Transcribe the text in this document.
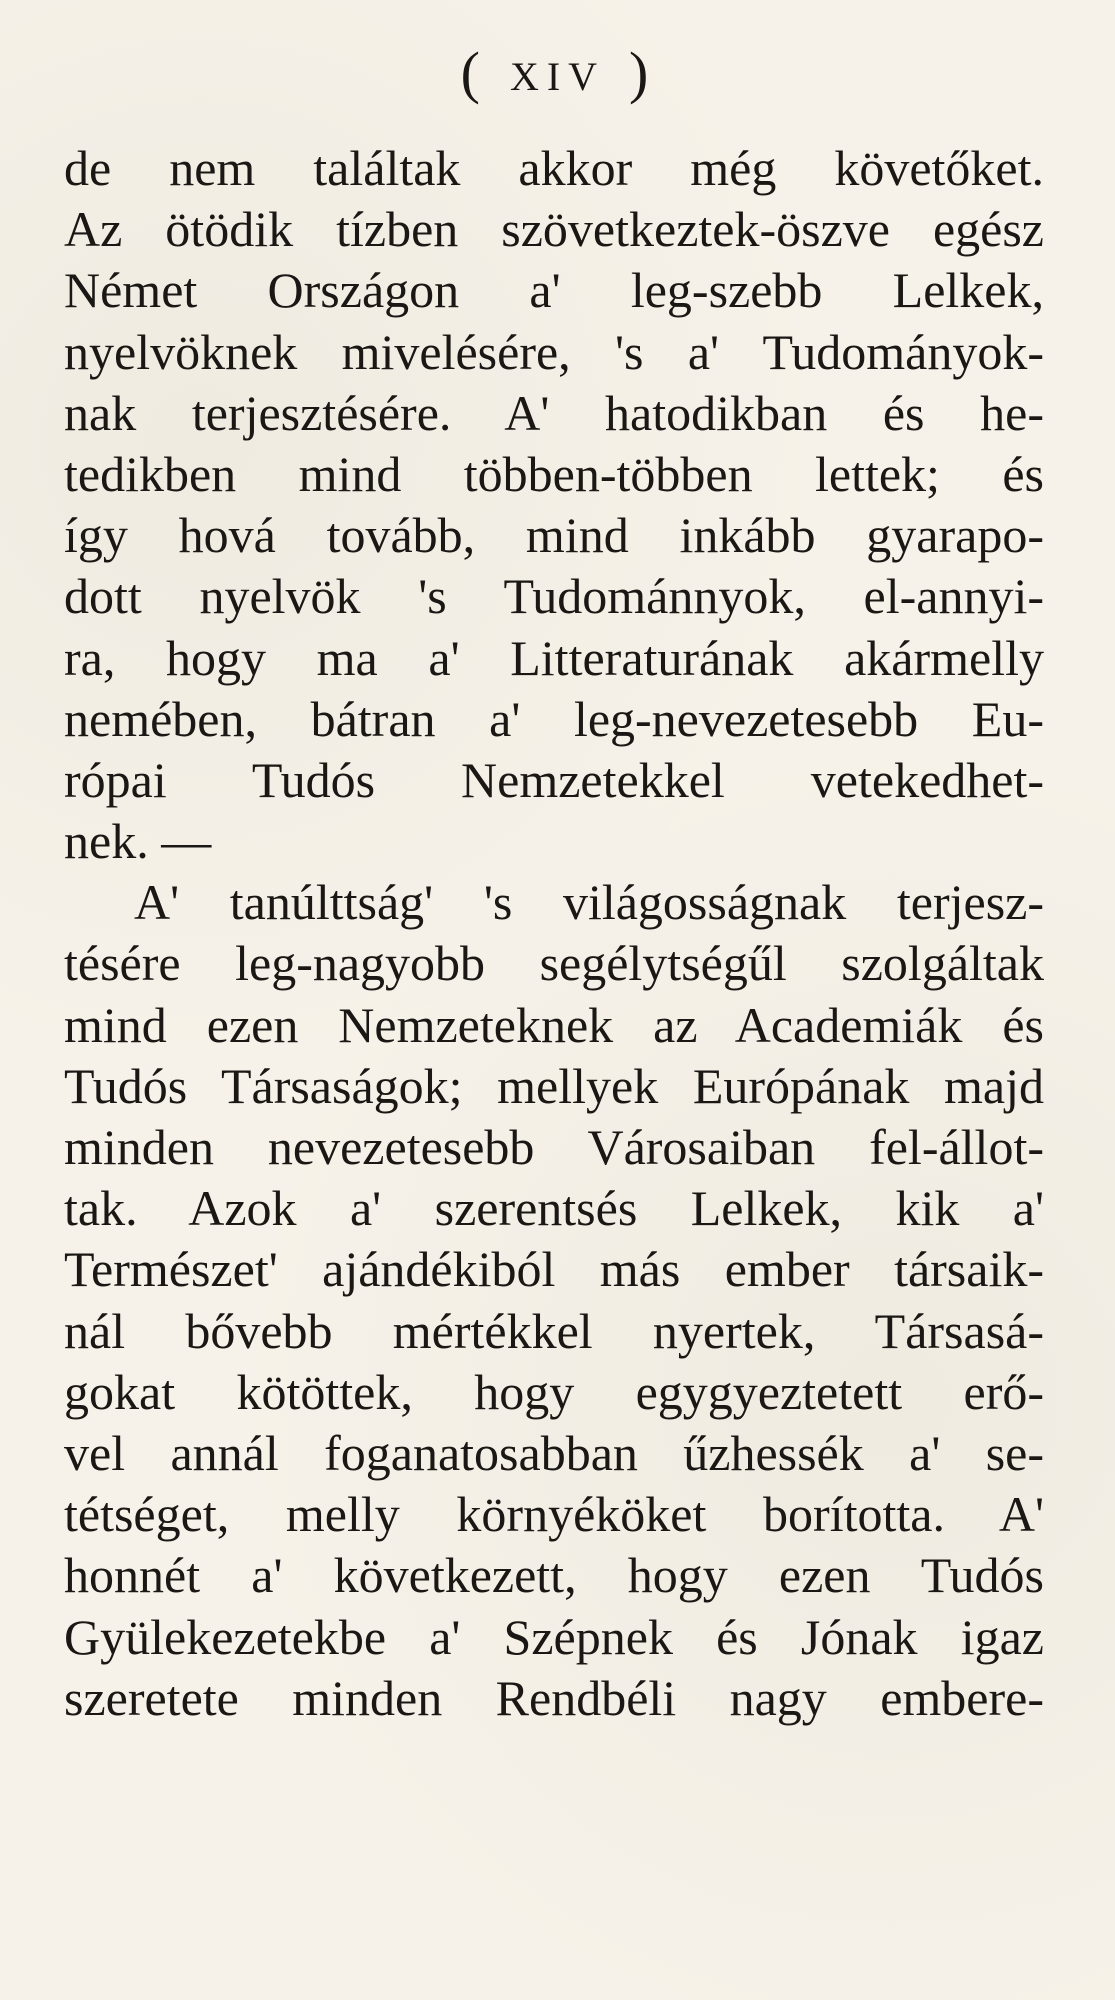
( XIV )
de nem találtak akkor még követőket.
Az ötödik tízben szövetkeztek-öszve egész
Német Országon a' leg-szebb Lelkek,
nyelvöknek mivelésére, 's a' Tudományok-
nak terjesztésére. A' hatodikban és he-
tedikben mind többen-többen lettek; és
így hová tovább, mind inkább gyarapo-
dott nyelvök 's Tudománnyok, el-annyi-
ra, hogy ma a' Litteraturának akármelly
nemében, bátran a' leg-nevezetesebb Eu-
rópai Tudós Nemzetekkel vetekedhet-
nek. —
A' tanúlttság' 's világosságnak terjesz-
tésére leg-nagyobb segélytségűl szolgáltak
mind ezen Nemzeteknek az Academiák és
Tudós Társaságok; mellyek Európának majd
minden nevezetesebb Városaiban fel-állot-
tak. Azok a' szerentsés Lelkek, kik a'
Természet' ajándékiból más ember társaik-
nál bővebb mértékkel nyertek, Társasá-
gokat kötöttek, hogy egygyeztetett erő-
vel annál foganatosabban űzhessék a' se-
tétséget, melly környéköket borította. A'
honnét a' következett, hogy ezen Tudós
Gyülekezetekbe a' Szépnek és Jónak igaz
szeretete minden Rendbéli nagy embere-
